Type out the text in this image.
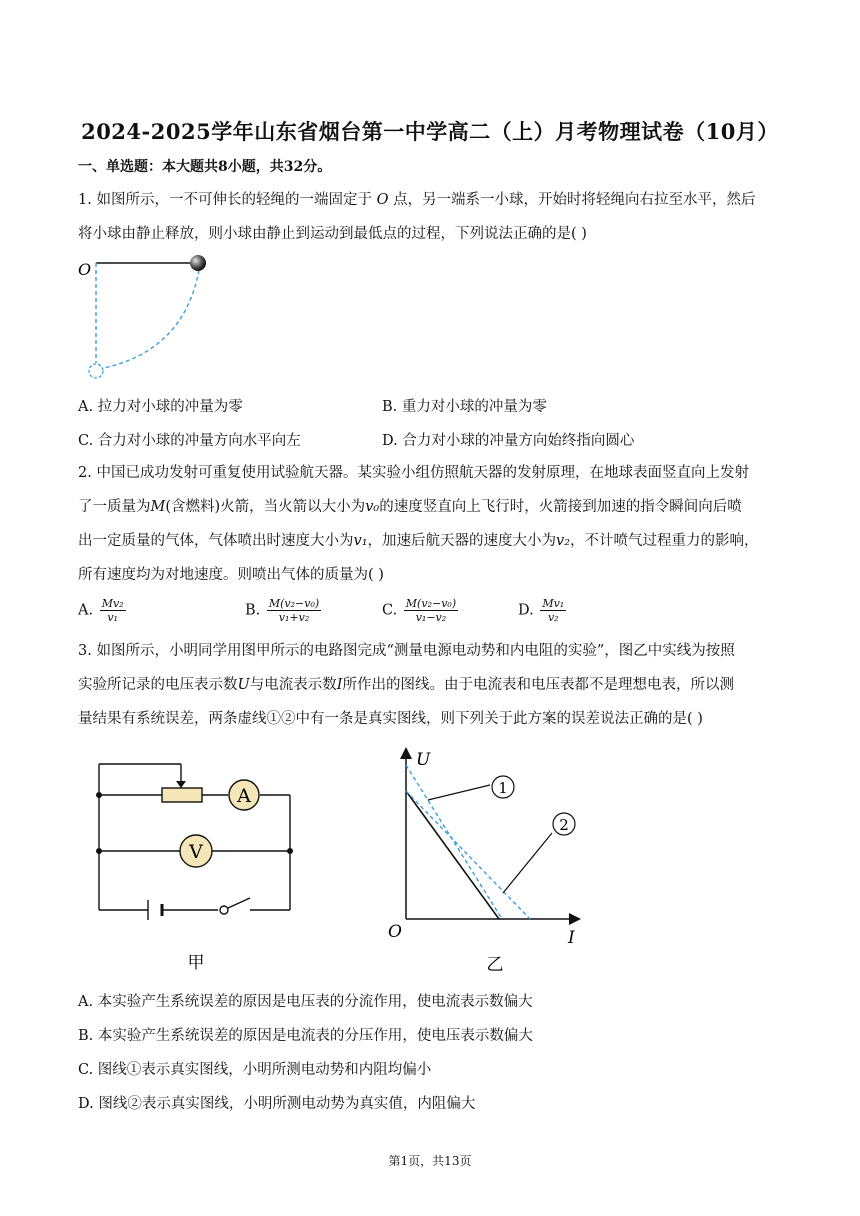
2024-2025学年山东省烟台第一中学高二（上）月考物理试卷（10月）
一、单选题：本大题共8小题，共32分。
1. 如图所示，一不可伸长的轻绳的一端固定于 O 点，另一端系一小球，开始时将轻绳向右拉至水平，然后
将小球由静止释放，则小球由静止到运动到最低点的过程，下列说法正确的是( )
O
A. 拉力对小球的冲量为零	B. 重力对小球的冲量为零
C. 合力对小球的冲量方向水平向左	D. 合力对小球的冲量方向始终指向圆心
2. 中国已成功发射可重复使用试验航天器。某实验小组仿照航天器的发射原理，在地球表面竖直向上发射
了一质量为M(含燃料)火箭，当火箭以大小为v₀的速度竖直向上飞行时，火箭接到加速的指令瞬间向后喷
出一定质量的气体，气体喷出时速度大小为v₁，加速后航天器的速度大小为v₂，不计喷气过程重力的影响，
所有速度均为对地速度。则喷出气体的质量为( )
A. $\frac{\text{Mv₂}}{\text{v₁}}$	B. $\frac{\text{M(v₂−v₀)}}{\text{v₁+v₂}}$	C. $\frac{\text{M(v₂−v₀)}}{\text{v₁−v₂}}$	D. $\frac{\text{Mv₁}}{\text{v₂}}$
3. 如图所示，小明同学用图甲所示的电路图完成“测量电源电动势和内电阻的实验”，图乙中实线为按照
实验所记录的电压表示数U与电流表示数I所作出的图线。由于电流表和电压表都不是理想电表，所以测
量结果有系统误差，两条虚线①②中有一条是真实图线，则下列关于此方案的误差说法正确的是( )
A
V
甲
U
I
O
1
2
乙
A. 本实验产生系统误差的原因是电压表的分流作用，使电流表示数偏大
B. 本实验产生系统误差的原因是电流表的分压作用，使电压表示数偏大
C. 图线①表示真实图线，小明所测电动势和内阻均偏小
D. 图线②表示真实图线，小明所测电动势为真实值，内阻偏大
第1页，共13页
